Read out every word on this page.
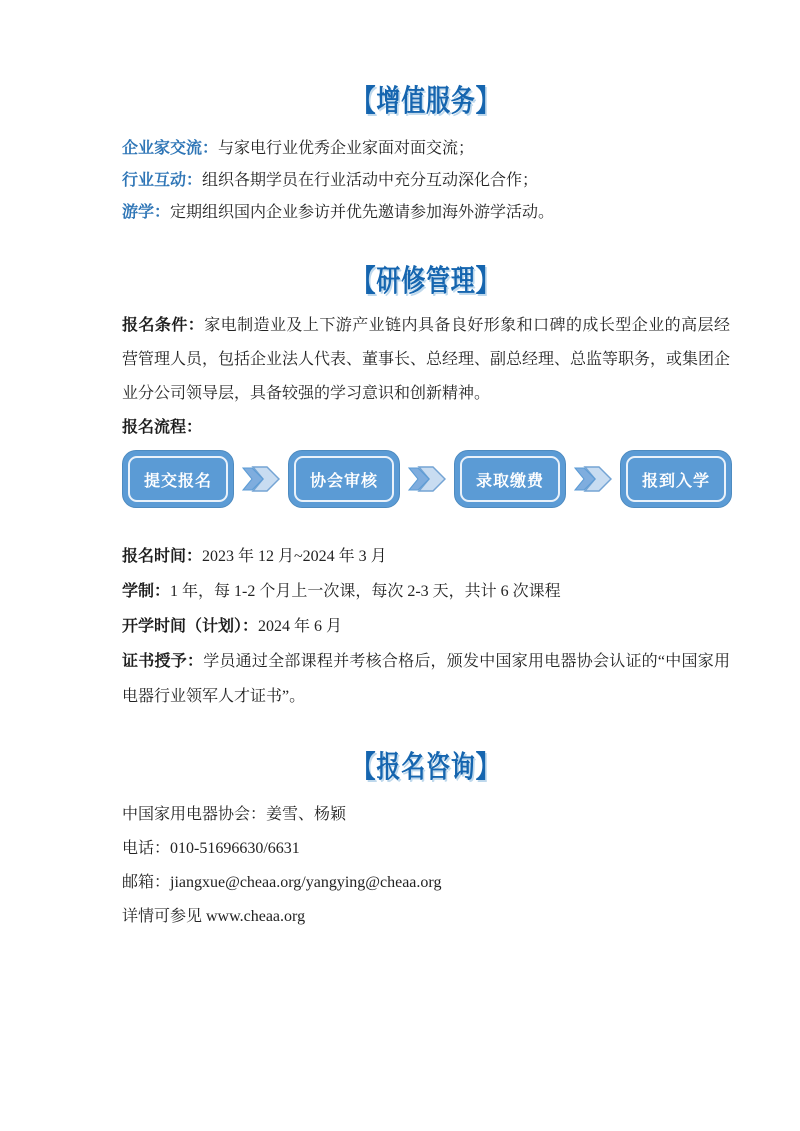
【增值服务】

企业家交流：与家电行业优秀企业家面对面交流；

行业互动：组织各期学员在行业活动中充分互动深化合作；

游学：定期组织国内企业参访并优先邀请参加海外游学活动。

【研修管理】

报名条件：家电制造业及上下游产业链内具备良好形象和口碑的成长型企业的高层经营管理人员，包括企业法人代表、董事长、总经理、副总经理、总监等职务，或集团企业分公司领导层，具备较强的学习意识和创新精神。

报名流程：

提交报名	协会审核	录取缴费	报到入学

报名时间：2023 年 12 月~2024 年 3 月

学制：1 年，每 1-2 个月上一次课，每次 2-3 天，共计 6 次课程

开学时间（计划）：2024 年 6 月

证书授予：学员通过全部课程并考核合格后，颁发中国家用电器协会认证的“中国家用电器行业领军人才证书”。

【报名咨询】

中国家用电器协会：姜雪、杨颖

电话：010-51696630/6631

邮箱：jiangxue@cheaa.org/yangying@cheaa.org

详情可参见 www.cheaa.org
